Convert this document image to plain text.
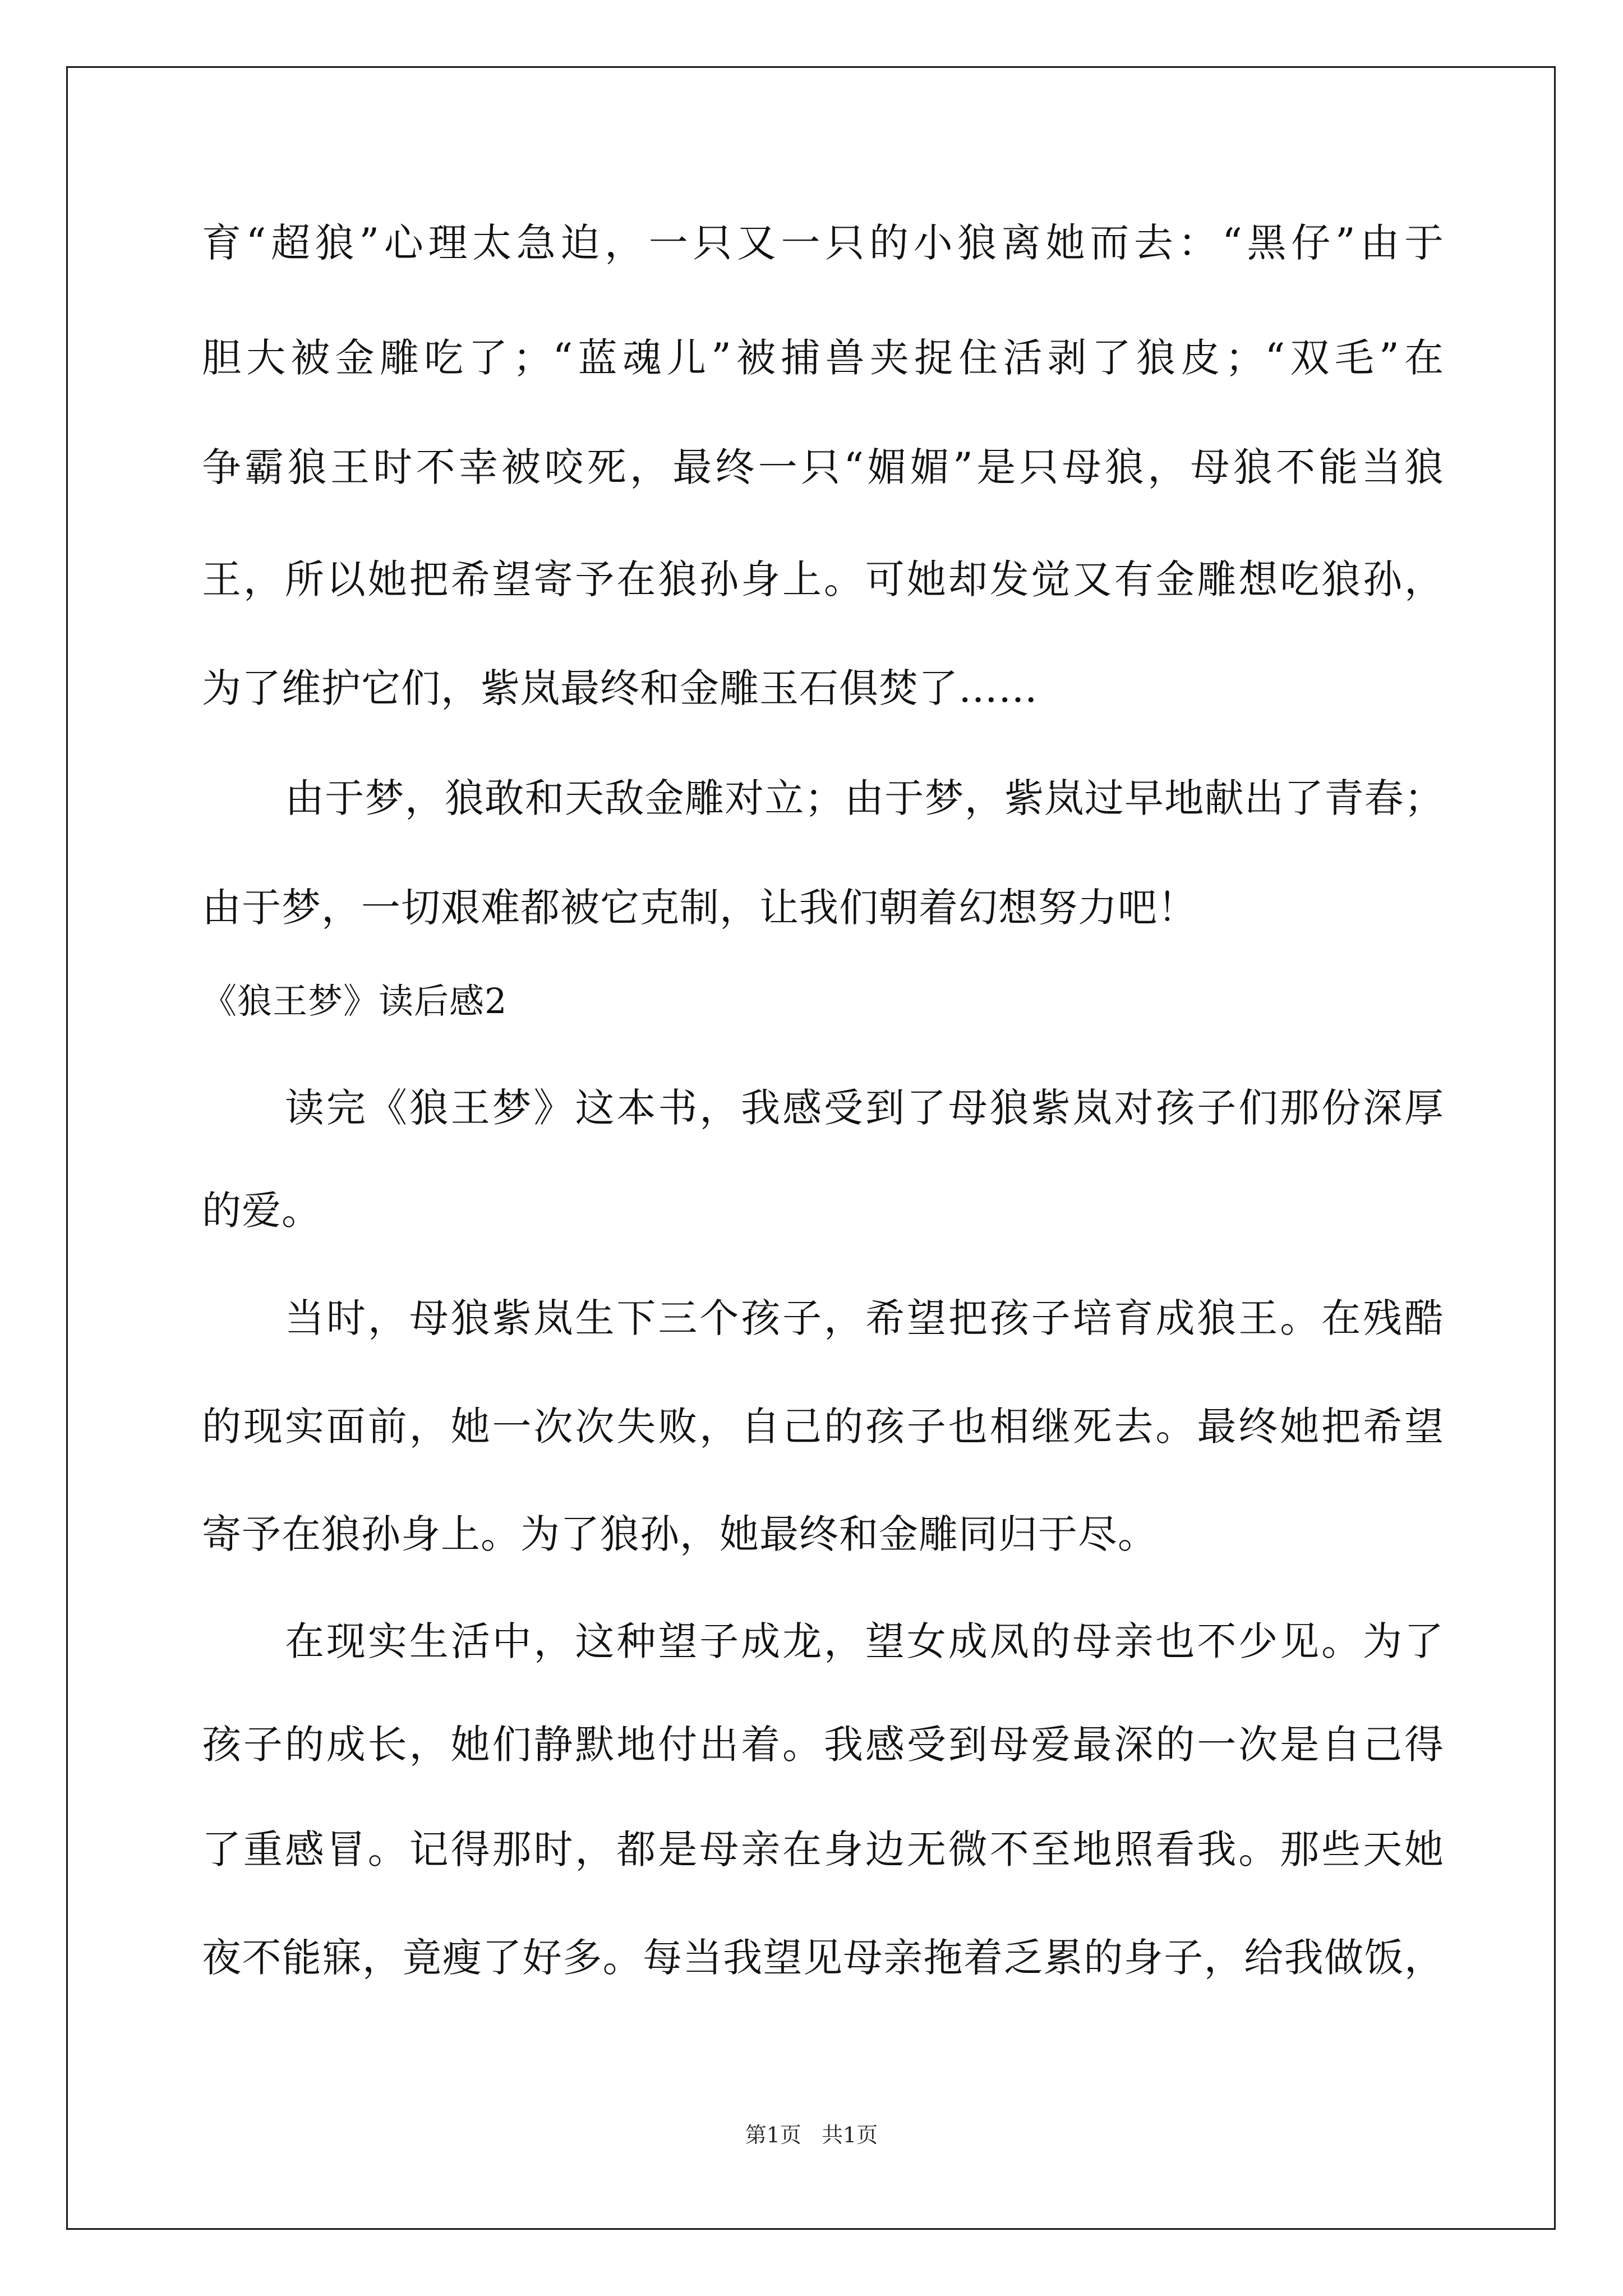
育“超狼”心理太急迫，一只又一只的小狼离她而去：“黑仔”由于
胆大被金雕吃了；“蓝魂儿”被捕兽夹捉住活剥了狼皮；“双毛”在
争霸狼王时不幸被咬死，最终一只“媚媚”是只母狼，母狼不能当狼
王，所以她把希望寄予在狼孙身上。可她却发觉又有金雕想吃狼孙，
为了维护它们，紫岚最终和金雕玉石俱焚了……
由于梦，狼敢和天敌金雕对立；由于梦，紫岚过早地献出了青春；
由于梦，一切艰难都被它克制，让我们朝着幻想努力吧！
《狼王梦》读后感2
读完《狼王梦》这本书，我感受到了母狼紫岚对孩子们那份深厚
的爱。
当时，母狼紫岚生下三个孩子，希望把孩子培育成狼王。在残酷
的现实面前，她一次次失败，自己的孩子也相继死去。最终她把希望
寄予在狼孙身上。为了狼孙，她最终和金雕同归于尽。
在现实生活中，这种望子成龙，望女成凤的母亲也不少见。为了
孩子的成长，她们静默地付出着。我感受到母爱最深的一次是自己得
了重感冒。记得那时，都是母亲在身边无微不至地照看我。那些天她
夜不能寐，竟瘦了好多。每当我望见母亲拖着乏累的身子，给我做饭，
第1页   共1页
